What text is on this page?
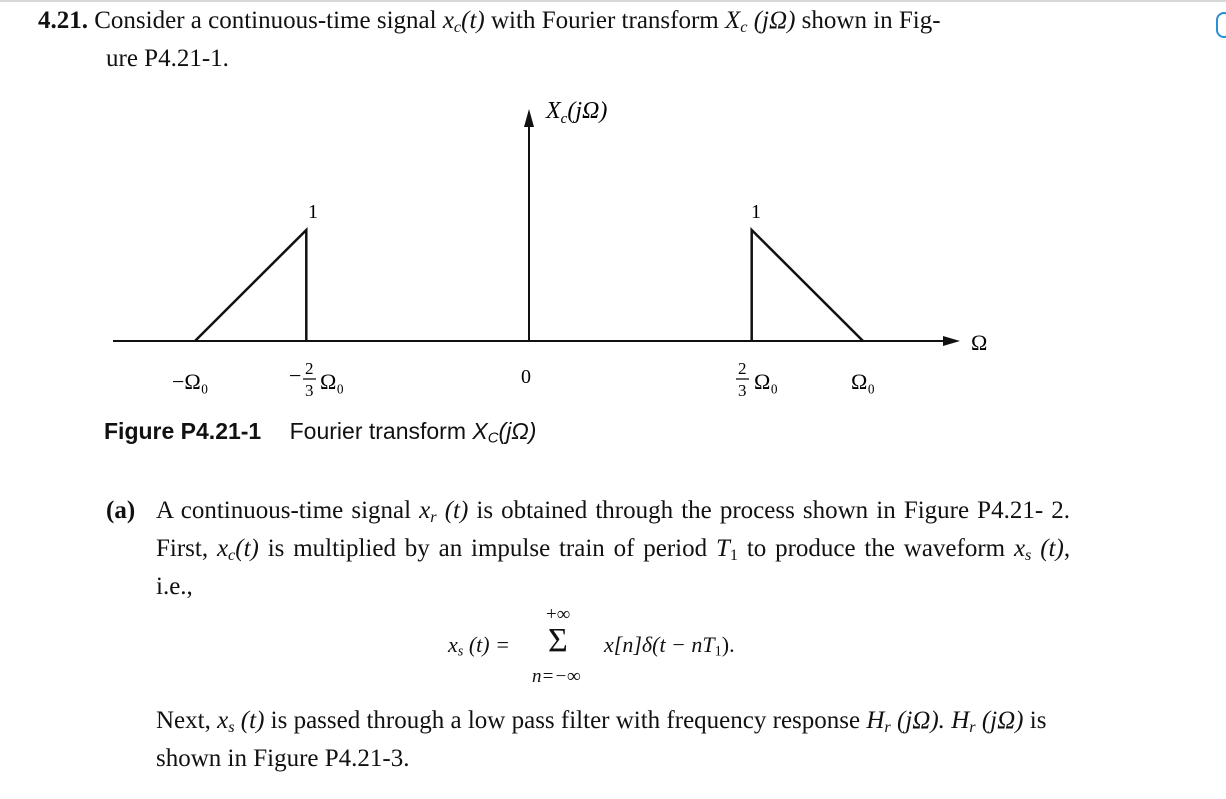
4.21. Consider a continuous-time signal $x_c(t)$ with Fourier transform $X_c$ (jΩ) shown in Fig-
ure P4.21-1.
$X_c(j\Omega)$
Ω
1	1
−Ω₀	− 2
3 Ω₀	0	2
3 Ω₀	Ω₀
Figure P4.21-1 Fourier transform $X_C(j\Omega)$
(a) A continuous-time signal $x_r$ (t) is obtained through the process shown in Figure P4.21- 2. First, $x_c(t)$ is multiplied by an impulse train of period $T_1$ to produce the waveform $x_s$ (t), i.e.,
$x_s$ (t) =
+∞
Σ
n=−∞
$x[n]\delta(t - nT_1)$.
Next, $x_s$ (t) is passed through a low pass filter with frequency response $H_r$ (jΩ). $H_r$ (jΩ) is shown in Figure P4.21-3.
